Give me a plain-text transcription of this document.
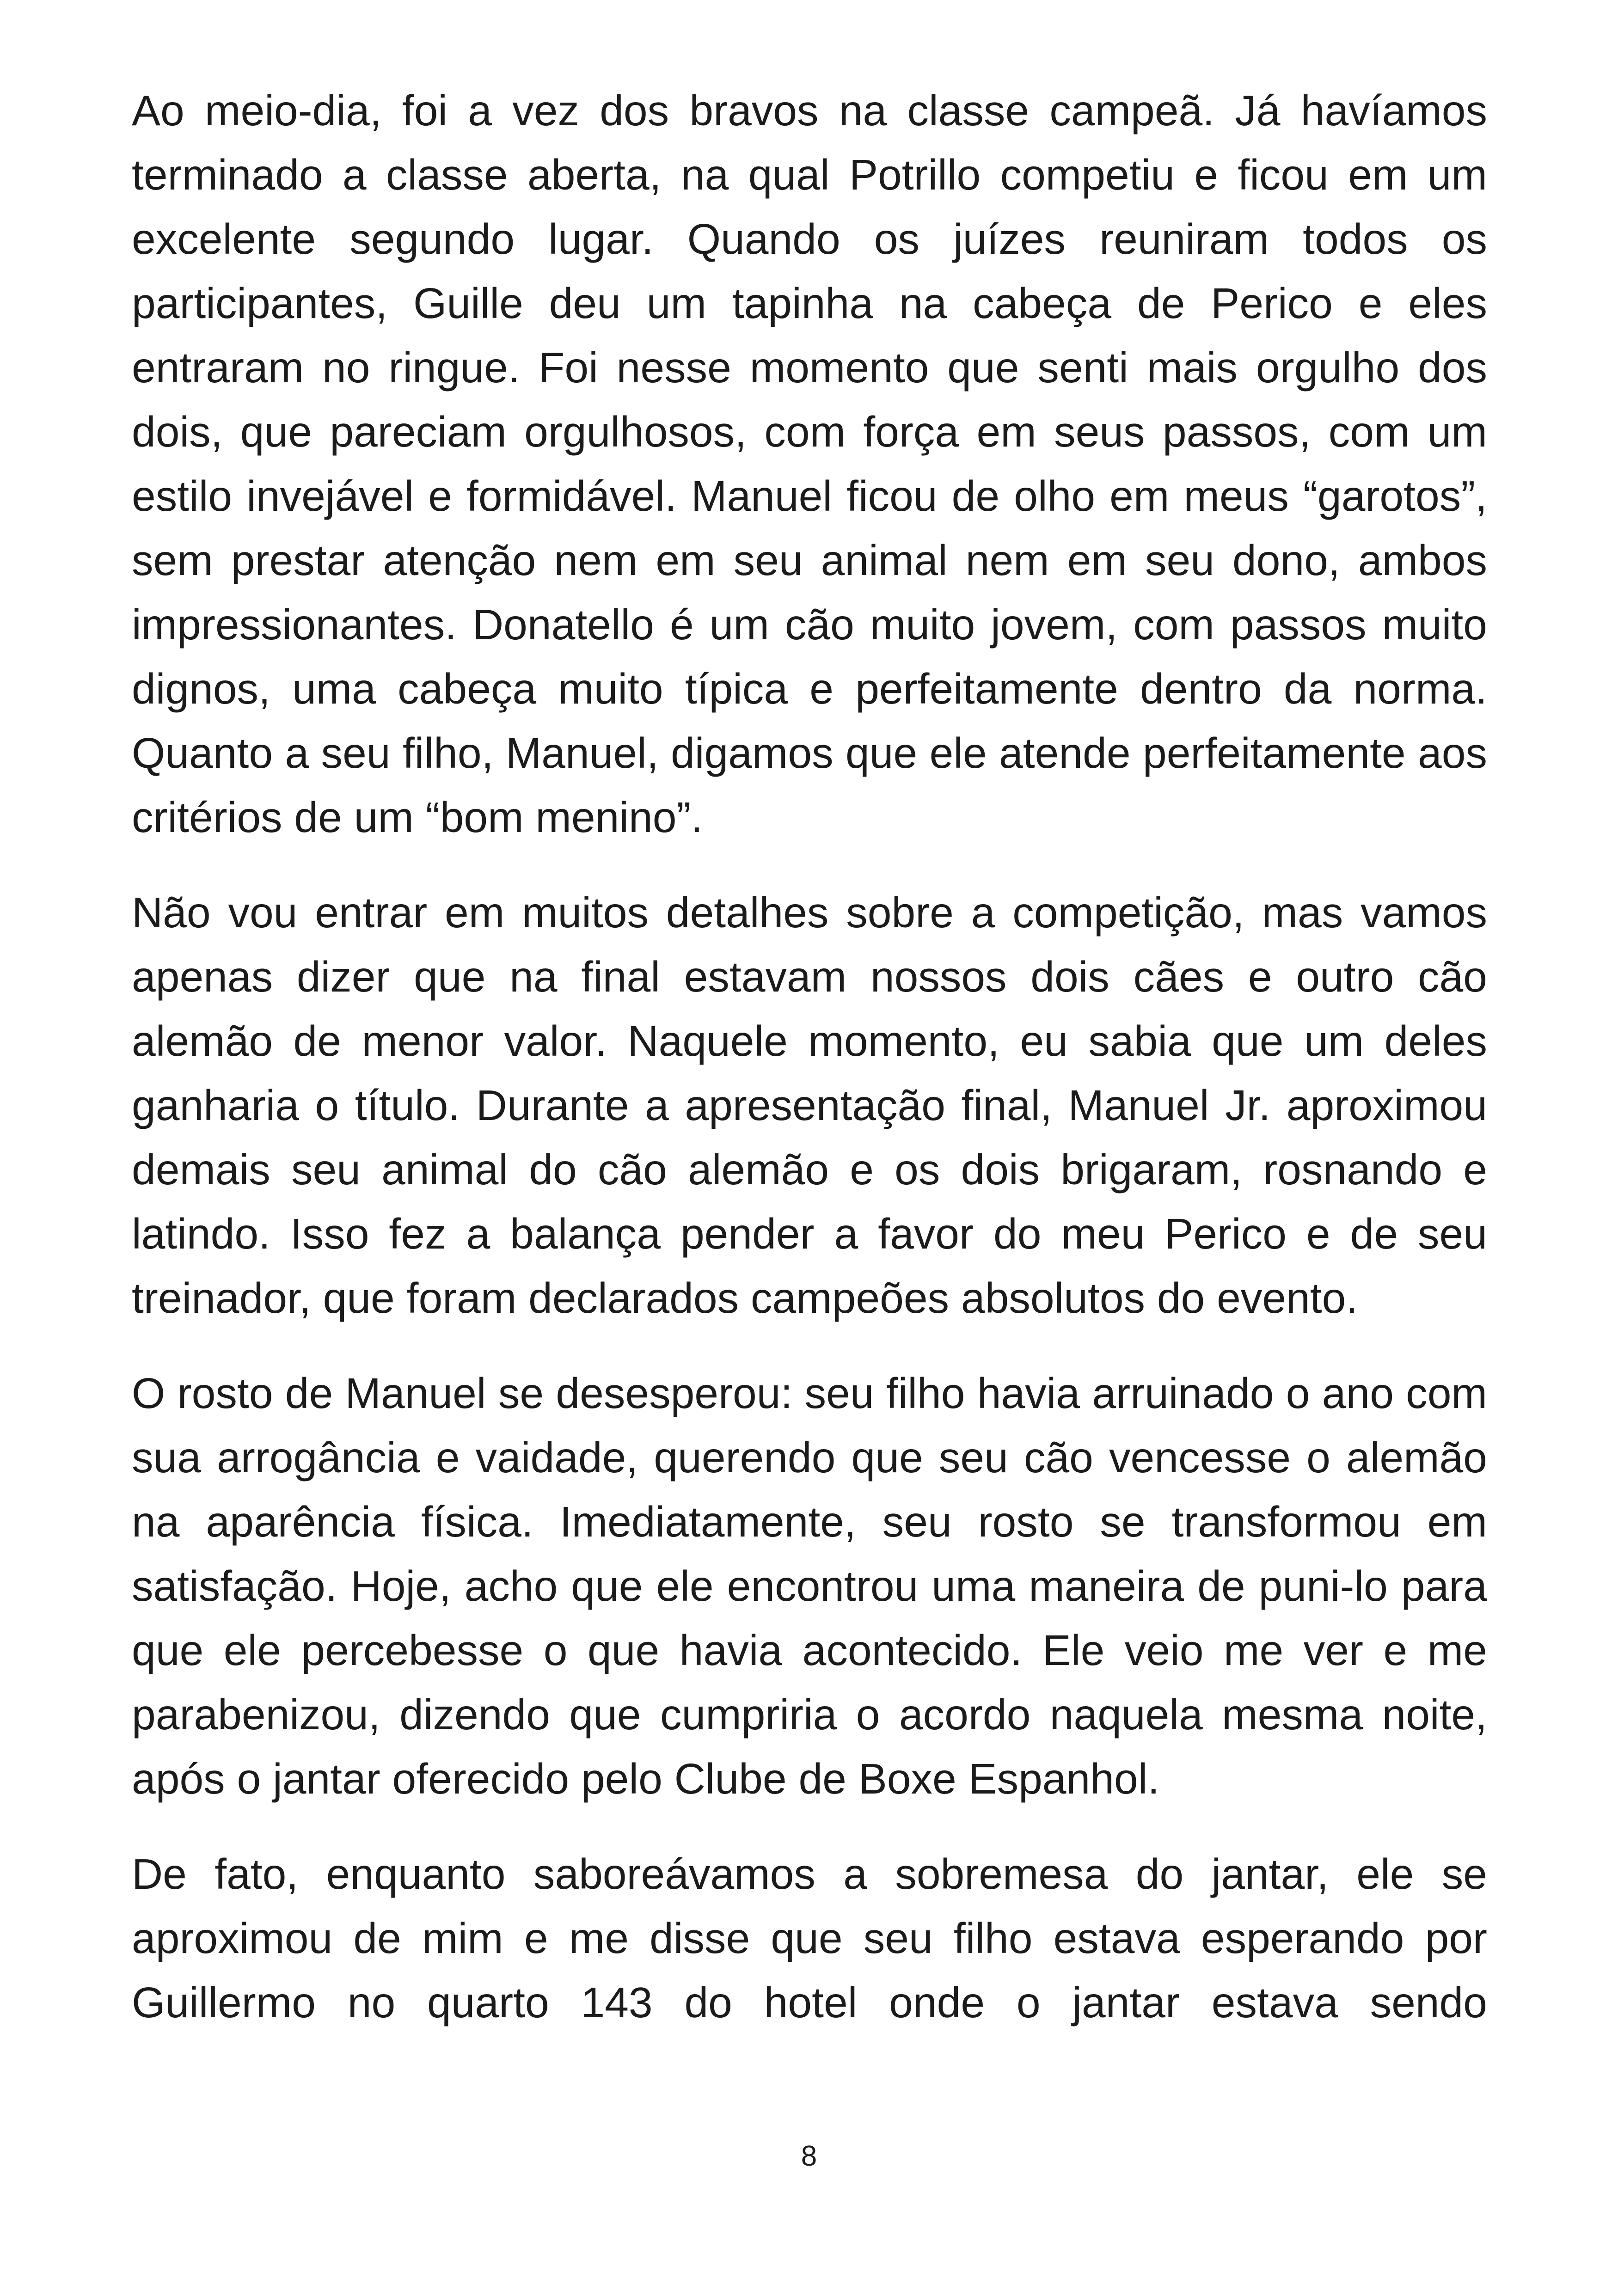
Ao meio-dia, foi a vez dos bravos na classe campeã. Já havíamos terminado a classe aberta, na qual Potrillo competiu e ficou em um excelente segundo lugar. Quando os juízes reuniram todos os participantes, Guille deu um tapinha na cabeça de Perico e eles entraram no ringue. Foi nesse momento que senti mais orgulho dos dois, que pareciam orgulhosos, com força em seus passos, com um estilo invejável e formidável. Manuel ficou de olho em meus “garotos”, sem prestar atenção nem em seu animal nem em seu dono, ambos impressionantes. Donatello é um cão muito jovem, com passos muito dignos, uma cabeça muito típica e perfeitamente dentro da norma. Quanto a seu filho, Manuel, digamos que ele atende perfeitamente aos critérios de um “bom menino”.

Não vou entrar em muitos detalhes sobre a competição, mas vamos apenas dizer que na final estavam nossos dois cães e outro cão alemão de menor valor. Naquele momento, eu sabia que um deles ganharia o título. Durante a apresentação final, Manuel Jr. aproximou demais seu animal do cão alemão e os dois brigaram, rosnando e latindo. Isso fez a balança pender a favor do meu Perico e de seu treinador, que foram declarados campeões absolutos do evento.

O rosto de Manuel se desesperou: seu filho havia arruinado o ano com sua arrogância e vaidade, querendo que seu cão vencesse o alemão na aparência física. Imediatamente, seu rosto se transformou em satisfação. Hoje, acho que ele encontrou uma maneira de puni-lo para que ele percebesse o que havia acontecido. Ele veio me ver e me parabenizou, dizendo que cumpriria o acordo naquela mesma noite, após o jantar oferecido pelo Clube de Boxe Espanhol.

De fato, enquanto saboreávamos a sobremesa do jantar, ele se aproximou de mim e me disse que seu filho estava esperando por Guillermo no quarto 143 do hotel onde o jantar estava sendo

8
